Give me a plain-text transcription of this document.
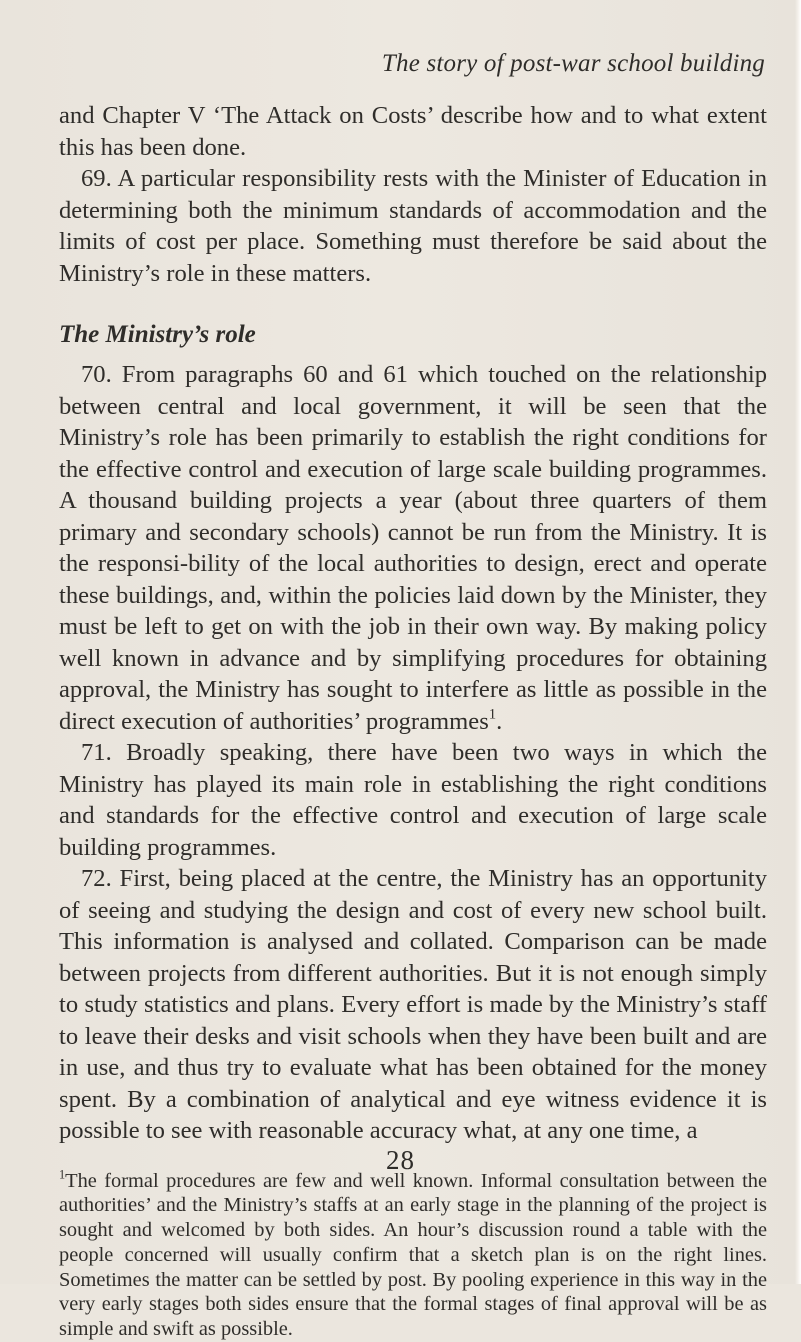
The story of post-war school building

and Chapter V ‘The Attack on Costs’ describe how and to what extent this has been done.

69. A particular responsibility rests with the Minister of Education in determining both the minimum standards of accommodation and the limits of cost per place. Something must therefore be said about the Ministry’s role in these matters.

The Ministry’s role

70. From paragraphs 60 and 61 which touched on the relationship between central and local government, it will be seen that the Ministry’s role has been primarily to establish the right conditions for the effective control and execution of large scale building programmes. A thousand building projects a year (about three quarters of them primary and secondary schools) cannot be run from the Ministry. It is the responsi-bility of the local authorities to design, erect and operate these buildings, and, within the policies laid down by the Minister, they must be left to get on with the job in their own way. By making policy well known in advance and by simplifying procedures for obtaining approval, the Ministry has sought to interfere as little as possible in the direct execution of authorities’ programmes$^1$.

71. Broadly speaking, there have been two ways in which the Ministry has played its main role in establishing the right conditions and standards for the effective control and execution of large scale building programmes.

72. First, being placed at the centre, the Ministry has an opportunity of seeing and studying the design and cost of every new school built. This information is analysed and collated. Comparison can be made between projects from different authorities. But it is not enough simply to study statistics and plans. Every effort is made by the Ministry’s staff to leave their desks and visit schools when they have been built and are in use, and thus try to evaluate what has been obtained for the money spent. By a combination of analytical and eye witness evidence it is possible to see with reasonable accuracy what, at any one time, a

$^1$The formal procedures are few and well known. Informal consultation between the authorities’ and the Ministry’s staffs at an early stage in the planning of the project is sought and welcomed by both sides. An hour’s discussion round a table with the people concerned will usually confirm that a sketch plan is on the right lines. Sometimes the matter can be settled by post. By pooling experience in this way in the very early stages both sides ensure that the formal stages of final approval will be as simple and swift as possible.

28
